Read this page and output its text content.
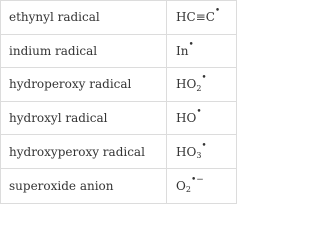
ethynyl radical	HC≡C •
indium radical	In •
hydroperoxy radical	HO 2
•
hydroxyl radical	HO •
hydroxyperoxy radical	HO 3
•
superoxide anion	O 2
•−
